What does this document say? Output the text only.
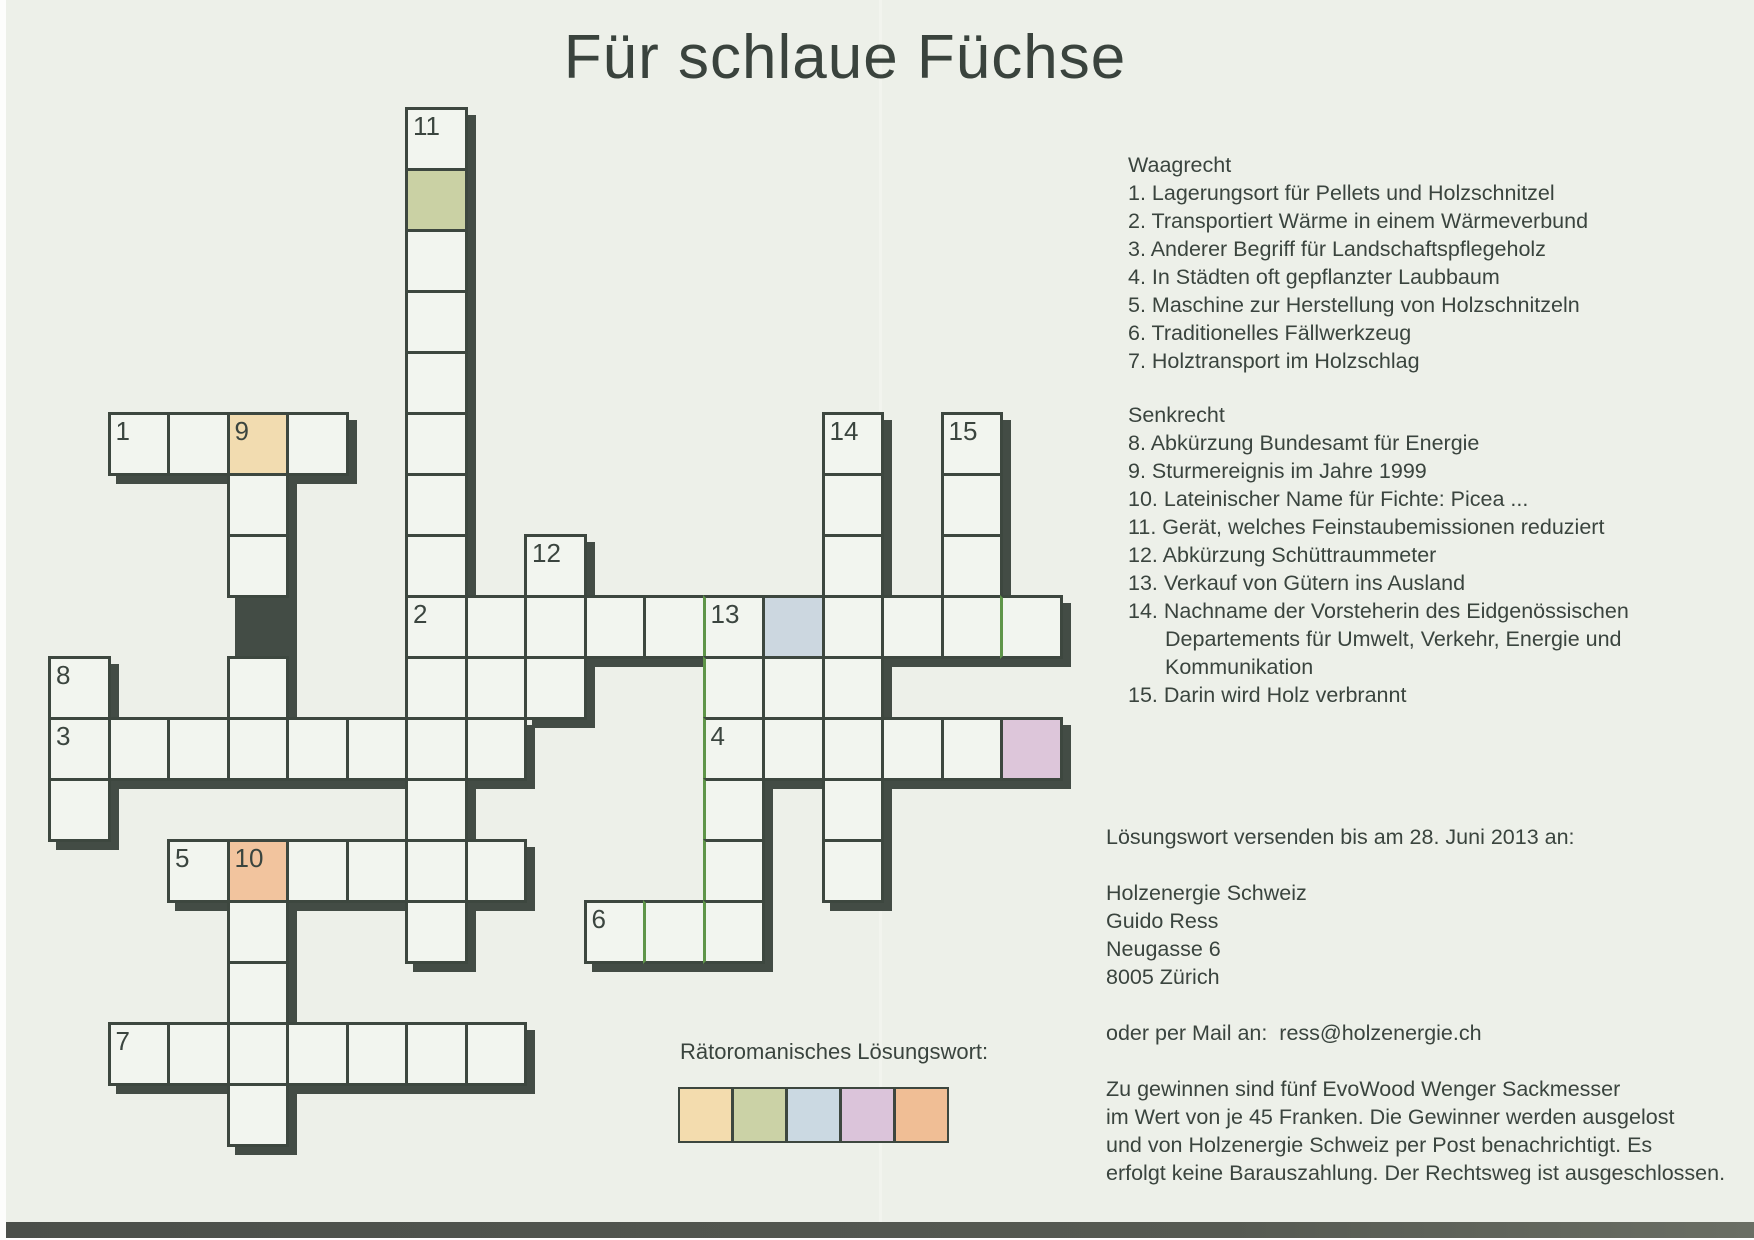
Für schlaue Füchse
11
1	9	14	15
12
2	13
8
3	4
5	10
6
7
Waagrecht
1. Lagerungsort für Pellets und Holzschnitzel
2. Transportiert Wärme in einem Wärmeverbund
3. Anderer Begriff für Landschaftspflegeholz
4. In Städten oft gepflanzter Laubbaum
5. Maschine zur Herstellung von Holzschnitzeln
6. Traditionelles Fällwerkzeug
7. Holztransport im Holzschlag
Senkrecht
8. Abkürzung Bundesamt für Energie
9. Sturmereignis im Jahre 1999
10. Lateinischer Name für Fichte: Picea ...
11. Gerät, welches Feinstaubemissionen reduziert
12. Abkürzung Schüttraummeter
13. Verkauf von Gütern ins Ausland
14. Nachname der Vorsteherin des Eidgenössischen
Departements für Umwelt, Verkehr, Energie und
Kommunikation
15. Darin wird Holz verbrannt
Lösungswort versenden bis am 28. Juni 2013 an:

Holzenergie Schweiz
Guido Ress
Neugasse 6
8005 Zürich

oder per Mail an:  ress@holzenergie.ch

Zu gewinnen sind fünf EvoWood Wenger Sackmesser
im Wert von je 45 Franken. Die Gewinner werden ausgelost
und von Holzenergie Schweiz per Post benachrichtigt. Es
erfolgt keine Barauszahlung. Der Rechtsweg ist ausgeschlossen.
Rätoromanisches Lösungswort:
